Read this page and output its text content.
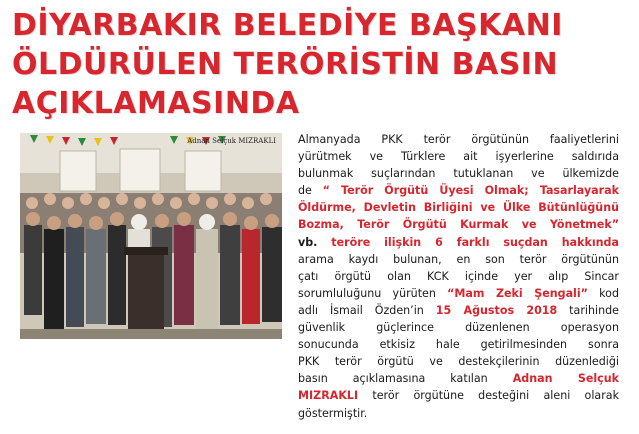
DİYARBAKIR BELEDİYE BAŞKANI
ÖLDÜRÜLEN TERÖRİSTİN BASIN
AÇIKLAMASINDA
Adnan Selçuk MIZRAKLI Almanyada PKK terör örgütünün faaliyetlerini
yürütmek ve Türklere ait işyerlerine saldırıda
bulunmak suçlarından tutuklanan ve ülkemizde
de “ Terör Örgütü Üyesi Olmak; Tasarlayarak
Öldürme, Devletin Birliğini ve Ülke Bütünlüğünü
Bozma, Terör Örgütü Kurmak ve Yönetmek”
vb. teröre ilişkin 6 farklı suçdan hakkında
arama kaydı bulunan, en son terör örgütünün
çatı örgütü olan KCK içinde yer alıp Sincar
sorumluluğunu yürüten “Mam Zeki Şengali” kod
adlı İsmail Özden’in 15 Ağustos 2018 tarihinde
güvenlik güçlerince düzenlenen operasyon
sonucunda etkisiz hale getirilmesinden sonra
PKK terör örgütü ve destekçilerinin düzenlediği
basın açıklamasına katılan Adnan Selçuk
MIZRAKLI terör örgütüne desteğini aleni olarak
göstermiştir.
